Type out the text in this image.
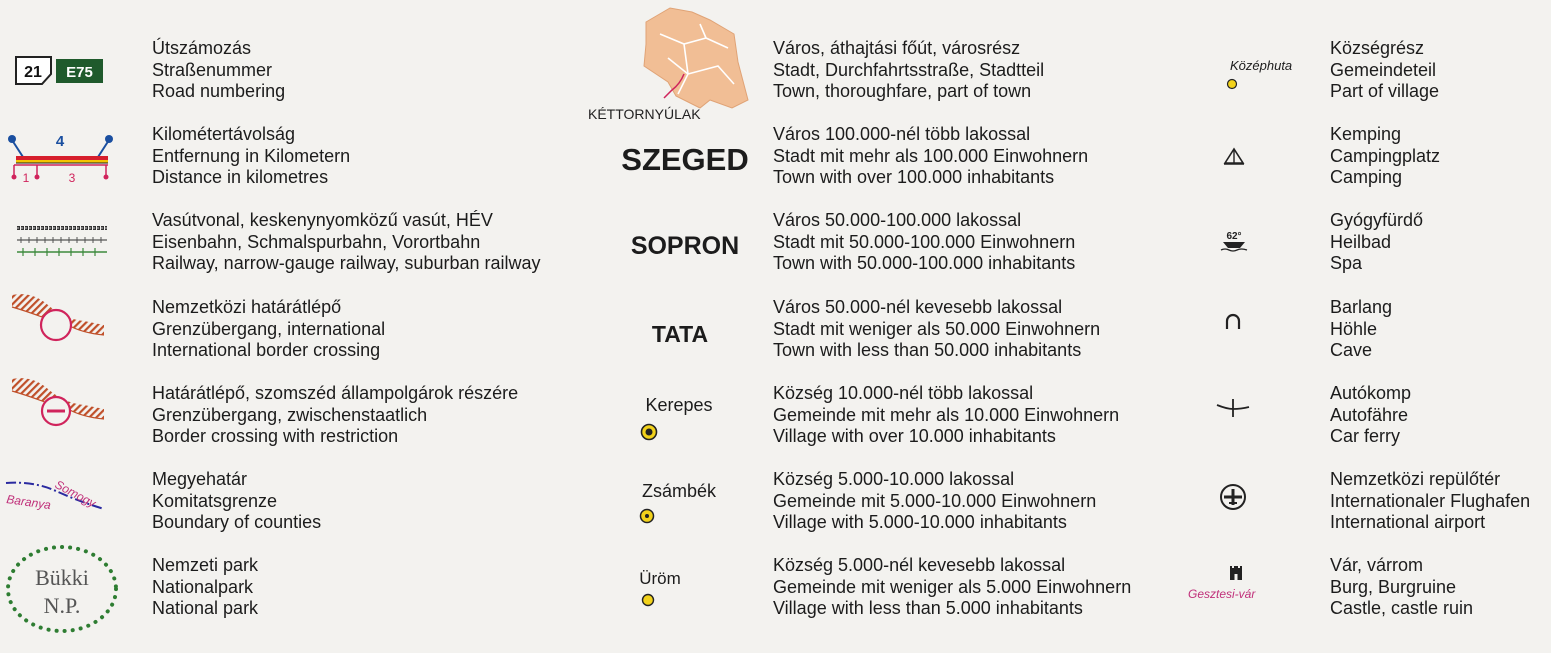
21 E75
Útszámozás
Straßenummer
Road numbering
4
1	3
Kilométertávolság
Entfernung in Kilometern
Distance in kilometres
Vasútvonal, keskenynyomközű vasút, HÉV
Eisenbahn, Schmalspurbahn, Vorortbahn
Railway, narrow-gauge railway, suburban railway
Nemzetközi határátlépő
Grenzübergang, international
International border crossing
Határátlépő, szomszéd állampolgárok részére
Grenzübergang, zwischenstaatlich
Border crossing with restriction
Baranya Somogy	Megyehatár
Komitatsgrenze
Boundary of counties
Bükki
N.P.
Nemzeti park
Nationalpark
National park
KÉTTORNYÚLAK
Város, áthajtási főút, városrész
Stadt, Durchfahrtsstraße, Stadtteil
Town, thoroughfare, part of town
SZEGED
Város 100.000-nél több lakossal
Stadt mit mehr als 100.000 Einwohnern
Town with over 100.000 inhabitants
SOPRON
Város 50.000-100.000 lakossal
Stadt mit 50.000-100.000 Einwohnern
Town with 50.000-100.000 inhabitants
TATA
Város 50.000-nél kevesebb lakossal
Stadt mit weniger als 50.000 Einwohnern
Town with less than 50.000 inhabitants
Kerepes
Község 10.000-nél több lakossal
Gemeinde mit mehr als 10.000 Einwohnern
Village with over 10.000 inhabitants
Zsámbék
Község 5.000-10.000 lakossal
Gemeinde mit 5.000-10.000 Einwohnern
Village with 5.000-10.000 inhabitants
Üröm
Község 5.000-nél kevesebb lakossal
Gemeinde mit weniger als 5.000 Einwohnern
Village with less than 5.000 inhabitants
Középhuta
Községrész
Gemeindeteil
Part of village
Kemping
Campingplatz
Camping
62°
Gyógyfürdő
Heilbad
Spa
Barlang
Höhle
Cave
Autókomp
Autofähre
Car ferry
Nemzetközi repülőtér
Internationaler Flughafen
International airport
Gesztesi-vár
Vár, várrom
Burg, Burgruine
Castle, castle ruin
